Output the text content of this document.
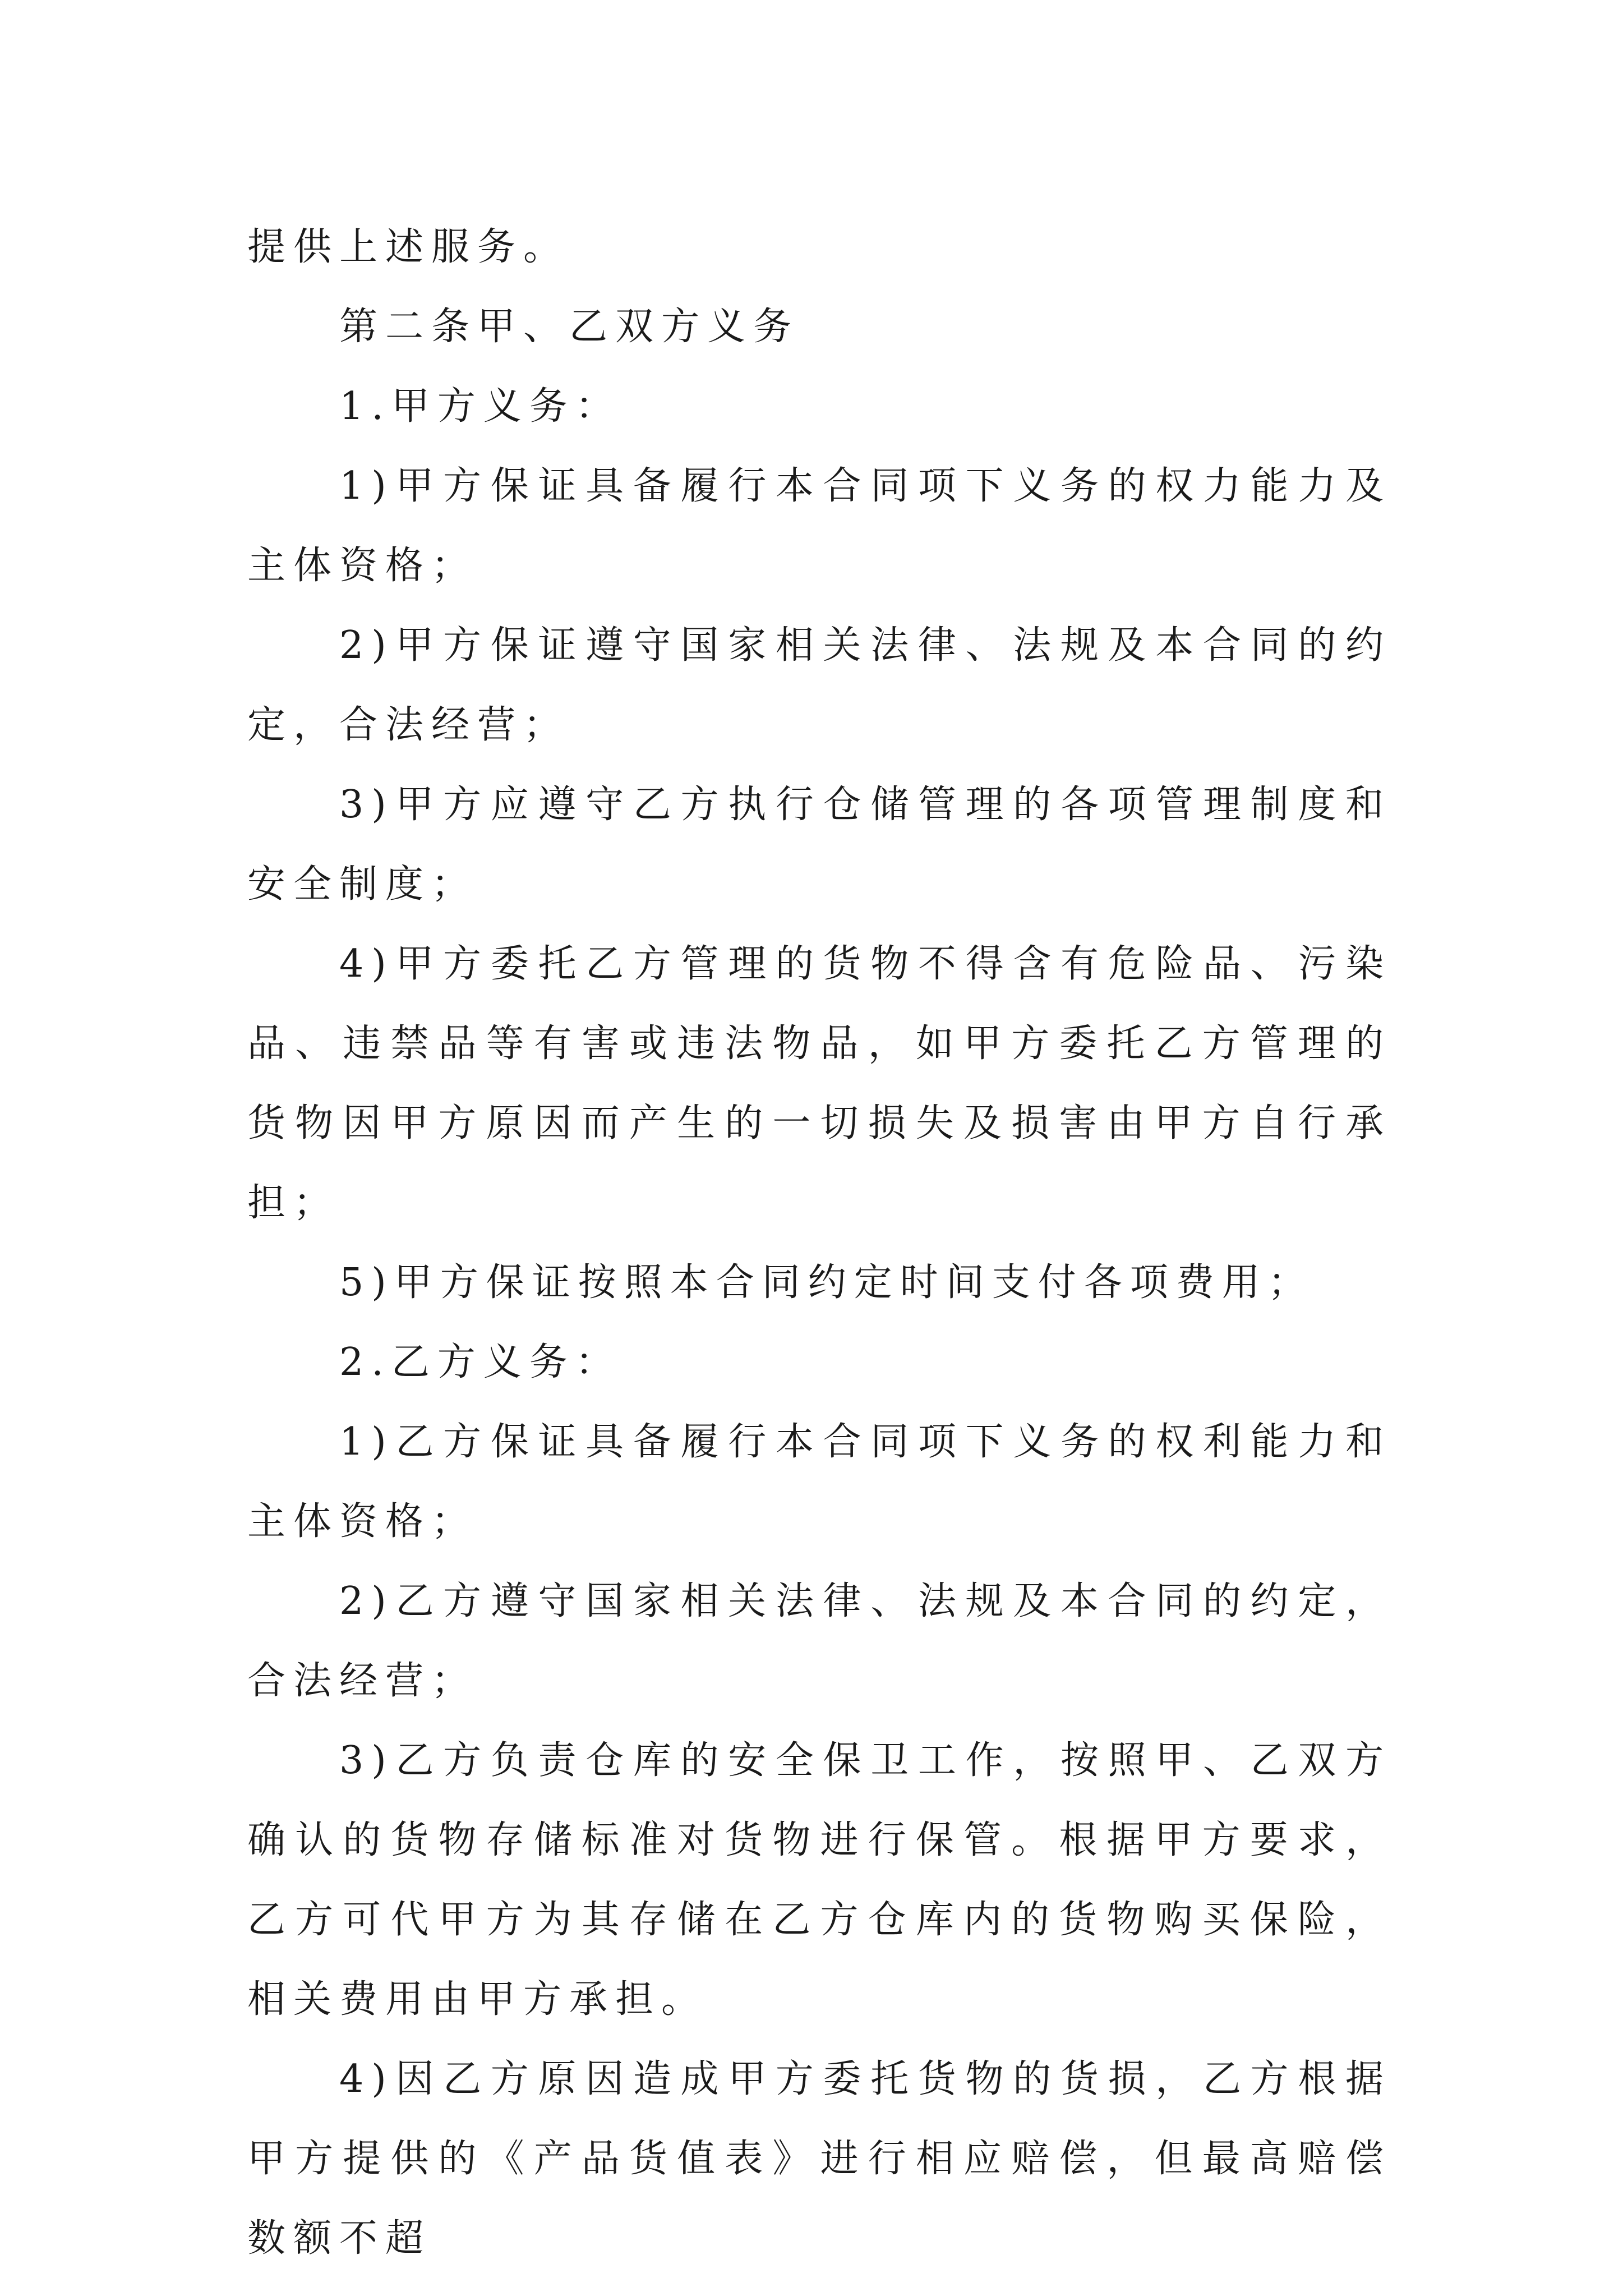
提供上述服务。

第二条甲、乙双方义务

1.甲方义务：

1)甲方保证具备履行本合同项下义务的权力能力及主体资格；

2)甲方保证遵守国家相关法律、法规及本合同的约定，合法经营；

3)甲方应遵守乙方执行仓储管理的各项管理制度和安全制度；

4)甲方委托乙方管理的货物不得含有危险品、污染品、违禁品等有害或违法物品，如甲方委托乙方管理的货物因甲方原因而产生的一切损失及损害由甲方自行承担；

5)甲方保证按照本合同约定时间支付各项费用；

2.乙方义务：

1)乙方保证具备履行本合同项下义务的权利能力和主体资格；

2)乙方遵守国家相关法律、法规及本合同的约定，合法经营；

3)乙方负责仓库的安全保卫工作，按照甲、乙双方确认的货物存储标准对货物进行保管。根据甲方要求，乙方可代甲方为其存储在乙方仓库内的货物购买保险，相关费用由甲方承担。

4)因乙方原因造成甲方委托货物的货损，乙方根据甲方提供的《产品货值表》进行相应赔偿，但最高赔偿数额不超
